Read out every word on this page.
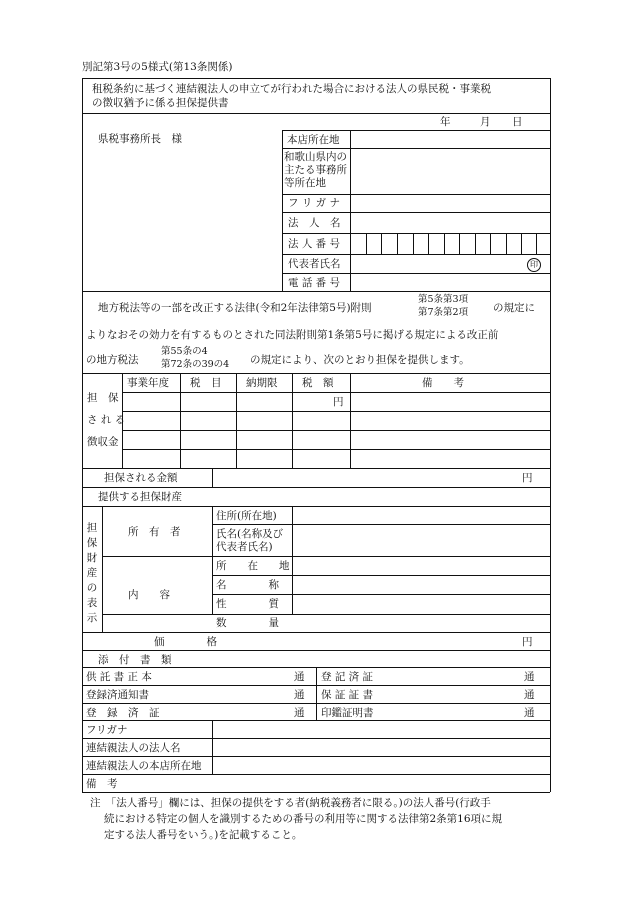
別記第3号の5様式(第13条関係)
租税条約に基づく連結親法人の申立てが行われた場合における法人の県民税・事業税
の徴収猶予に係る担保提供書
年	月 日
県税事務所長　様	本店所在地
和歌山県内の
主たる事務所
等所在地
フ リ ガ ナ
法　人　名
法 人 番 号
代表者氏名	印
電 話 番 号
地方税法等の一部を改正する法律(令和2年法律第5号)附則
第5条第3項
第7条第2項 の規定に
よりなおその効力を有するものとされた同法附則第1条第5号に掲げる規定による改正前
の地方税法
第55条の4
第72条の39の4 の規定により、次のとおり担保を提供します。
担　保
さ れ る
徴収金
事業年度 税　目 納期限 税　額	備　　考
円
担保される金額	円
提供する担保財産
担保財産の表示
所　有　者
住所(所在地)
氏名(名称及び
代表者氏名)
内　　容
所　　在　　地
名　　　　称
性　　　　質
数　　　　量
価　　　　格	円
添　付　書　類
供 託 書 正 本	通 登 記 済 証	通
登録済通知書	通 保 証 証 書	通
登　録　済　証	通 印鑑証明書	通
フリガナ
連結親法人の法人名
連結親法人の本店所在地
備　考
注　「法人番号」欄には、担保の提供をする者(納税義務者に限る。)の法人番号(行政手
続における特定の個人を識別するための番号の利用等に関する法律第2条第16項に規
定する法人番号をいう。)を記載すること。
